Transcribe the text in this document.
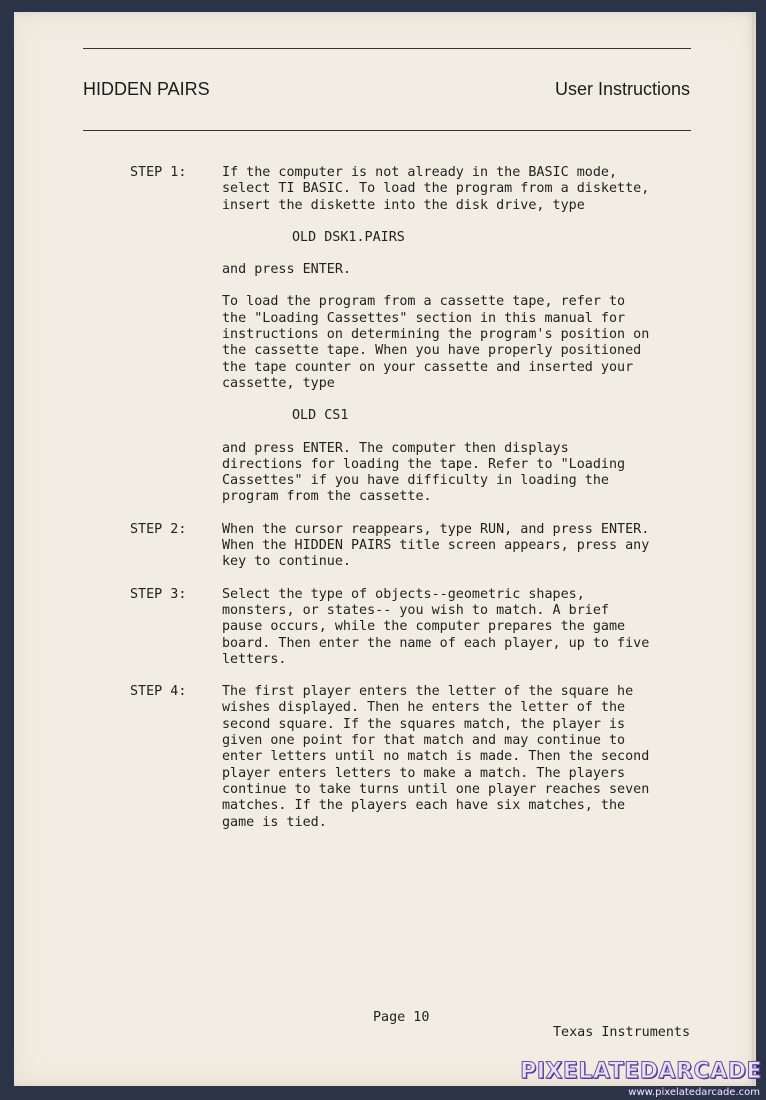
HIDDEN PAIRS	User Instructions
STEP 1:	If the computer is not already in the BASIC mode, select TI BASIC. To load the program from a diskette, insert the diskette into the disk drive, type

OLD DSK1.PAIRS

and press ENTER.

To load the program from a cassette tape, refer to the "Loading Cassettes" section in this manual for instructions on determining the program's position on the cassette tape. When you have properly positioned the tape counter on your cassette and inserted your cassette, type

OLD CS1

and press ENTER. The computer then displays directions for loading the tape. Refer to "Loading Cassettes" if you have difficulty in loading the program from the cassette.

STEP 2:	When the cursor reappears, type RUN, and press ENTER. When the HIDDEN PAIRS title screen appears, press any key to continue.
STEP 3:	Select the type of objects--geometric shapes, monsters, or states-- you wish to match. A brief pause occurs, while the computer prepares the game board. Then enter the name of each player, up to five letters.
STEP 4:	The first player enters the letter of the square he wishes displayed. Then he enters the letter of the second square. If the squares match, the player is given one point for that match and may continue to enter letters until no match is made. Then the second player enters letters to make a match. The players continue to take turns until one player reaches seven matches. If the players each have six matches, the game is tied.
Page 10
Texas Instruments
PIXELATEDARCADE
www.pixelatedarcade.com
